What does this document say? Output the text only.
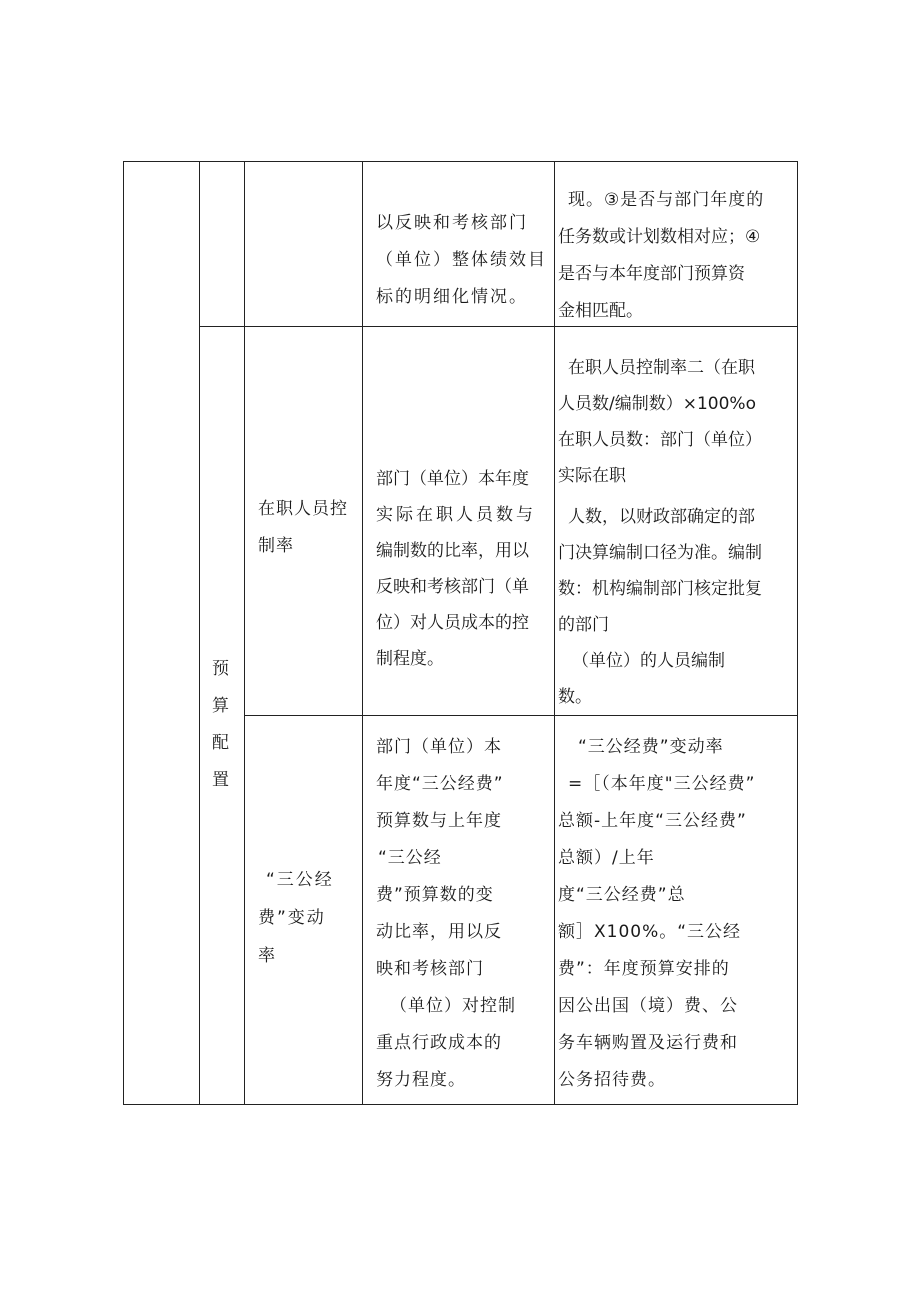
以反映和考核部门
（单位）整体绩效目
标的明细化情况。
现。③是否与部门年度的
任务数或计划数相对应；④
是否与本年度部门预算资
金相匹配。
预
算
配
置
在职人员控
制率
部门（单位）本年度
实际在职人员数与
编制数的比率，用以
反映和考核部门（单
位）对人员成本的控
制程度。
在职人员控制率二（在职
人员数/编制数）×100%o
在职人员数：部门（单位）
实际在职
人数，以财政部确定的部
门决算编制口径为准。编制
数：机构编制部门核定批复
的部门
（单位）的人员编制
数。
“三公经
费”变动
率
部门（单位）本
年度“三公经费”
预算数与上年度
“三公经
费”预算数的变
动比率，用以反
映和考核部门
（单位）对控制
重点行政成本的
努力程度。
“三公经费”变动率
=［（本年度"三公经费”
总额-上年度“三公经费”
总额）/上年
度“三公经费”总
额］X100%。“三公经
费”：年度预算安排的
因公出国（境）费、公
务车辆购置及运行费和
公务招待费。
